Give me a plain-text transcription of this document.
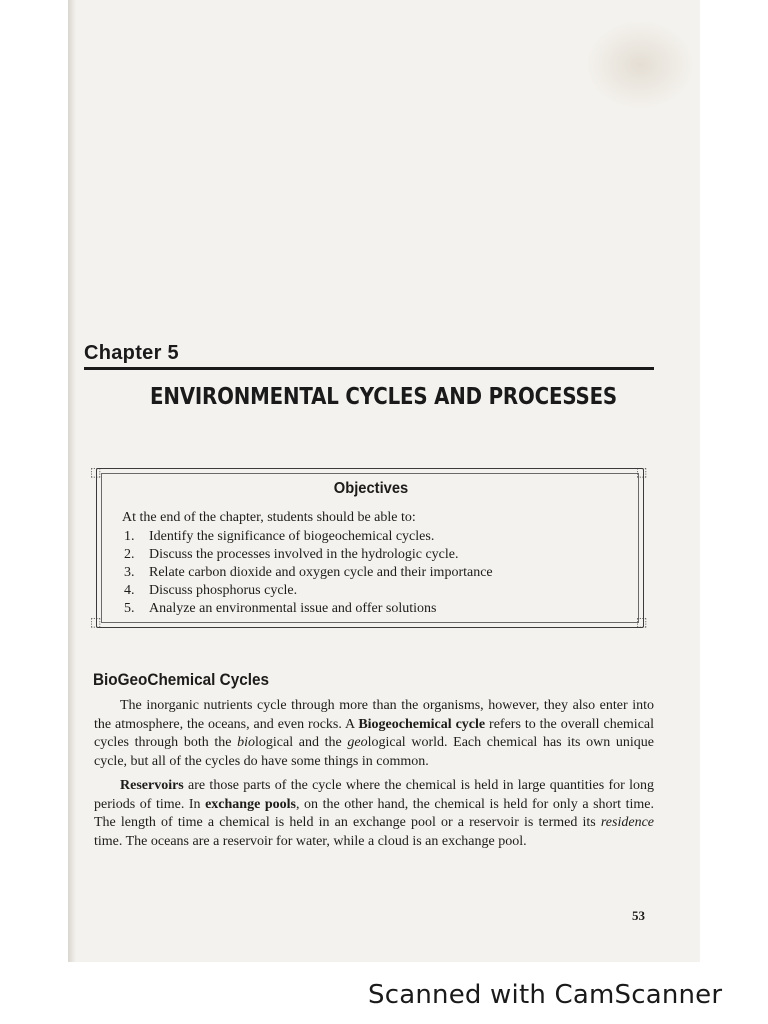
Chapter 5
ENVIRONMENTAL CYCLES AND PROCESSES
⬚	⬚
⬚	⬚
Objectives
At the end of the chapter, students should be able to:
1.	Identify the significance of biogeochemical cycles.
2.	Discuss the processes involved in the hydrologic cycle.
3.	Relate carbon dioxide and oxygen cycle and their importance
4.	Discuss phosphorus cycle.
5.	Analyze an environmental issue and offer solutions
BioGeoChemical Cycles

The inorganic nutrients cycle through more than the organisms, however, they also enter into the atmosphere, the oceans, and even rocks. A Biogeochemical cycle refers to the overall chemical cycles through both the biological and the geological world. Each chemical has its own unique cycle, but all of the cycles do have some things in common.

Reservoirs are those parts of the cycle where the chemical is held in large quantities for long periods of time. In exchange pools, on the other hand, the chemical is held for only a short time. The length of time a chemical is held in an exchange pool or a reservoir is termed its residence time. The oceans are a reservoir for water, while a cloud is an exchange pool.

53
Scanned with CamScanner
